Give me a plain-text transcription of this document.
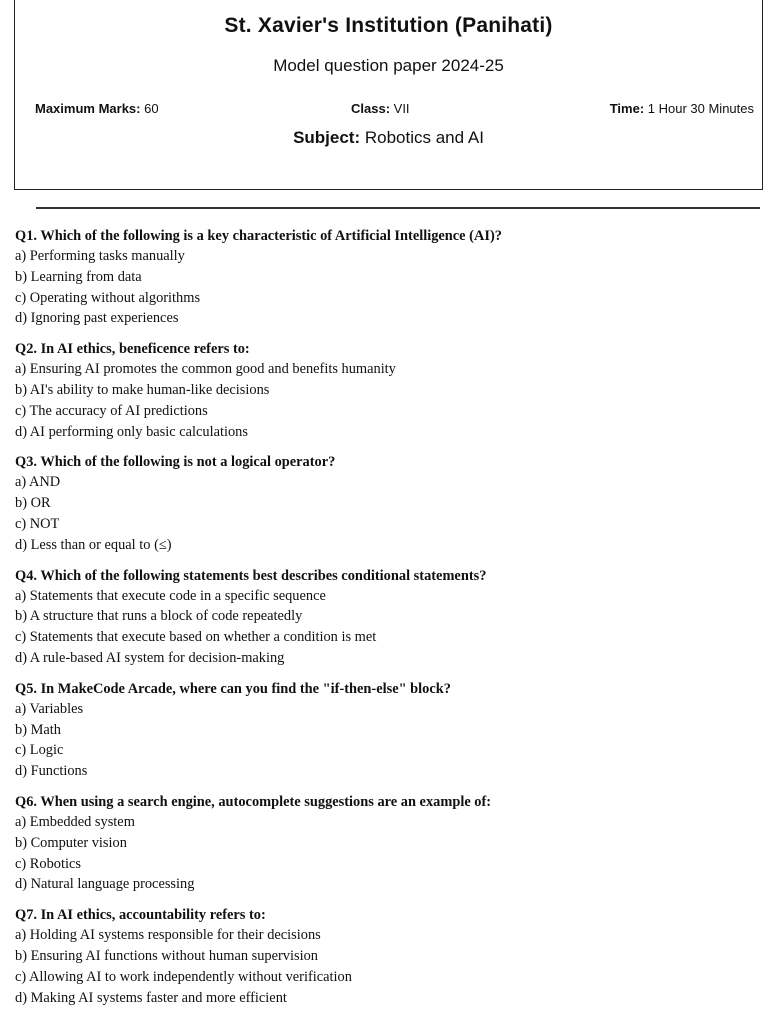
St. Xavier's Institution (Panihati)
Model question paper 2024-25
Maximum Marks: 60	Class: VII	Time: 1 Hour 30 Minutes
Subject: Robotics and AI
Q1. Which of the following is a key characteristic of Artificial Intelligence (AI)?
a) Performing tasks manually
b) Learning from data
c) Operating without algorithms
d) Ignoring past experiences
Q2. In AI ethics, beneficence refers to:
a) Ensuring AI promotes the common good and benefits humanity
b) AI's ability to make human-like decisions
c) The accuracy of AI predictions
d) AI performing only basic calculations
Q3. Which of the following is not a logical operator?
a) AND
b) OR
c) NOT
d) Less than or equal to (≤)
Q4. Which of the following statements best describes conditional statements?
a) Statements that execute code in a specific sequence
b) A structure that runs a block of code repeatedly
c) Statements that execute based on whether a condition is met
d) A rule-based AI system for decision-making
Q5. In MakeCode Arcade, where can you find the "if-then-else" block?
a) Variables
b) Math
c) Logic
d) Functions
Q6. When using a search engine, autocomplete suggestions are an example of:
a) Embedded system
b) Computer vision
c) Robotics
d) Natural language processing
Q7. In AI ethics, accountability refers to:
a) Holding AI systems responsible for their decisions
b) Ensuring AI functions without human supervision
c) Allowing AI to work independently without verification
d) Making AI systems faster and more efficient
